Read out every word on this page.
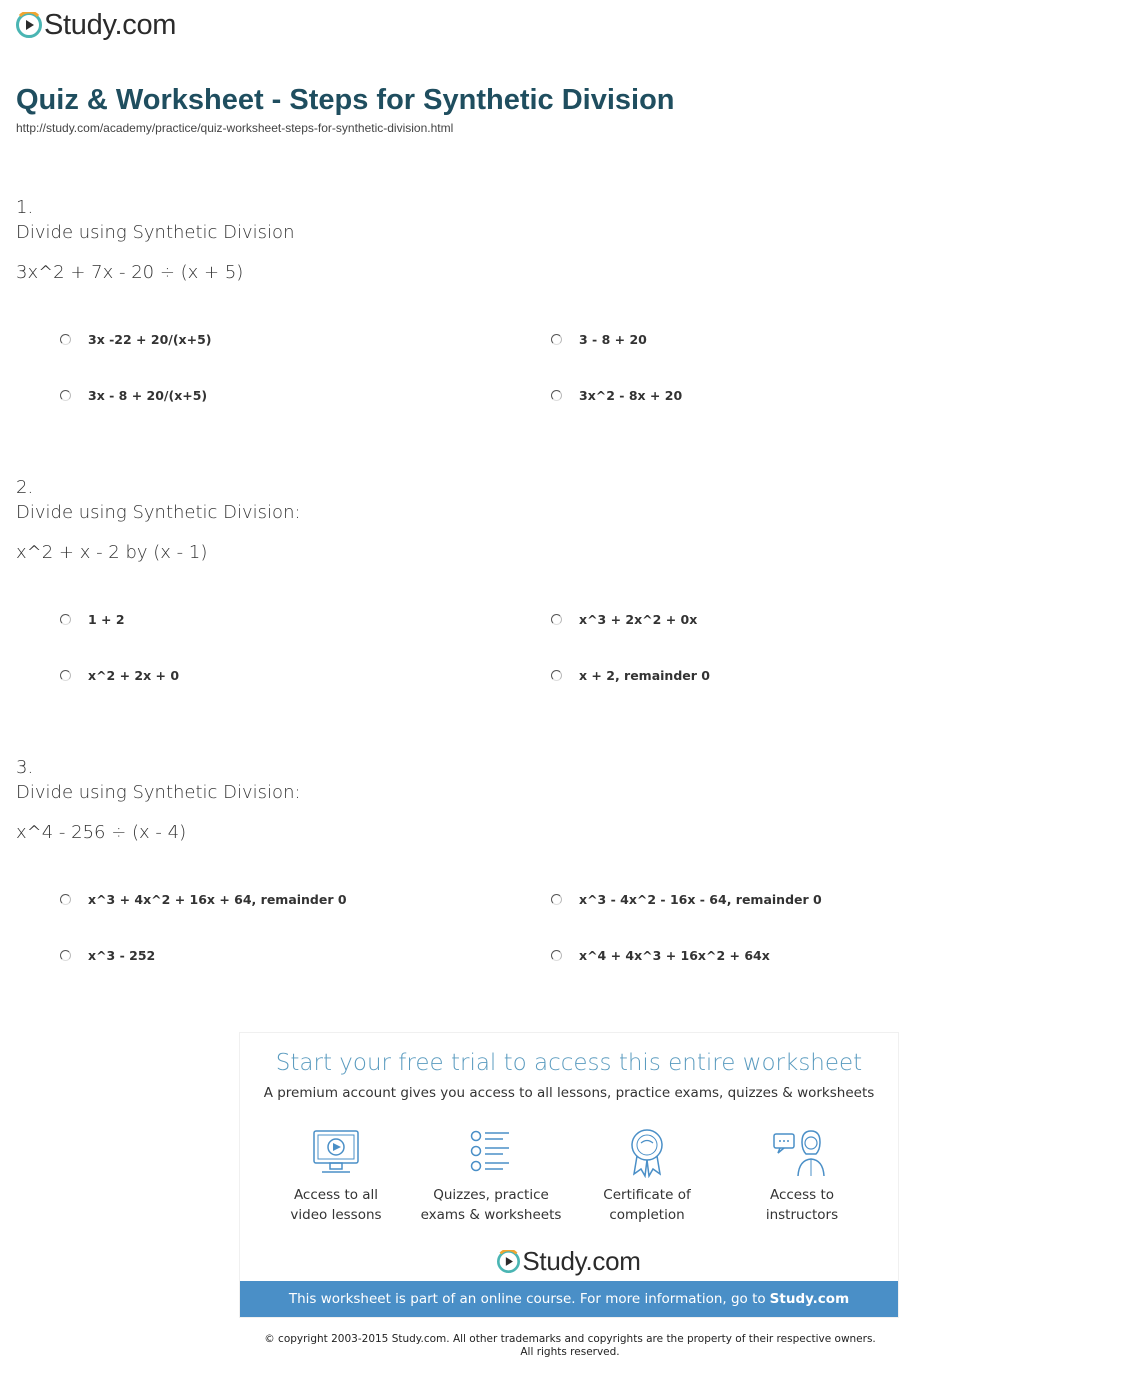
Study.com
Quiz & Worksheet - Steps for Synthetic Division
http://study.com/academy/practice/quiz-worksheet-steps-for-synthetic-division.html
1.
Divide using Synthetic Division
3x^2 + 7x - 20 ÷ (x + 5)
3x -22 + 20/(x+5)	3 - 8 + 20
3x - 8 + 20/(x+5)	3x^2 - 8x + 20
2.
Divide using Synthetic Division:
x^2 + x - 2 by (x - 1)
1 + 2	x^3 + 2x^2 + 0x
x^2 + 2x + 0	x + 2, remainder 0
3.
Divide using Synthetic Division:
x^4 - 256 ÷ (x - 4)
x^3 + 4x^2 + 16x + 64, remainder 0	x^3 - 4x^2 - 16x - 64, remainder 0
x^3 - 252	x^4 + 4x^3 + 16x^2 + 64x
Start your free trial to access this entire worksheet
A premium account gives you access to all lessons, practice exams, quizzes & worksheets
Access to all
video lessons
Quizzes, practice
exams & worksheets
Certificate of
completion
Access to
instructors
Study.com
This worksheet is part of an online course. For more information, go to Study.com
© copyright 2003-2015 Study.com. All other trademarks and copyrights are the property of their respective owners.
All rights reserved.
